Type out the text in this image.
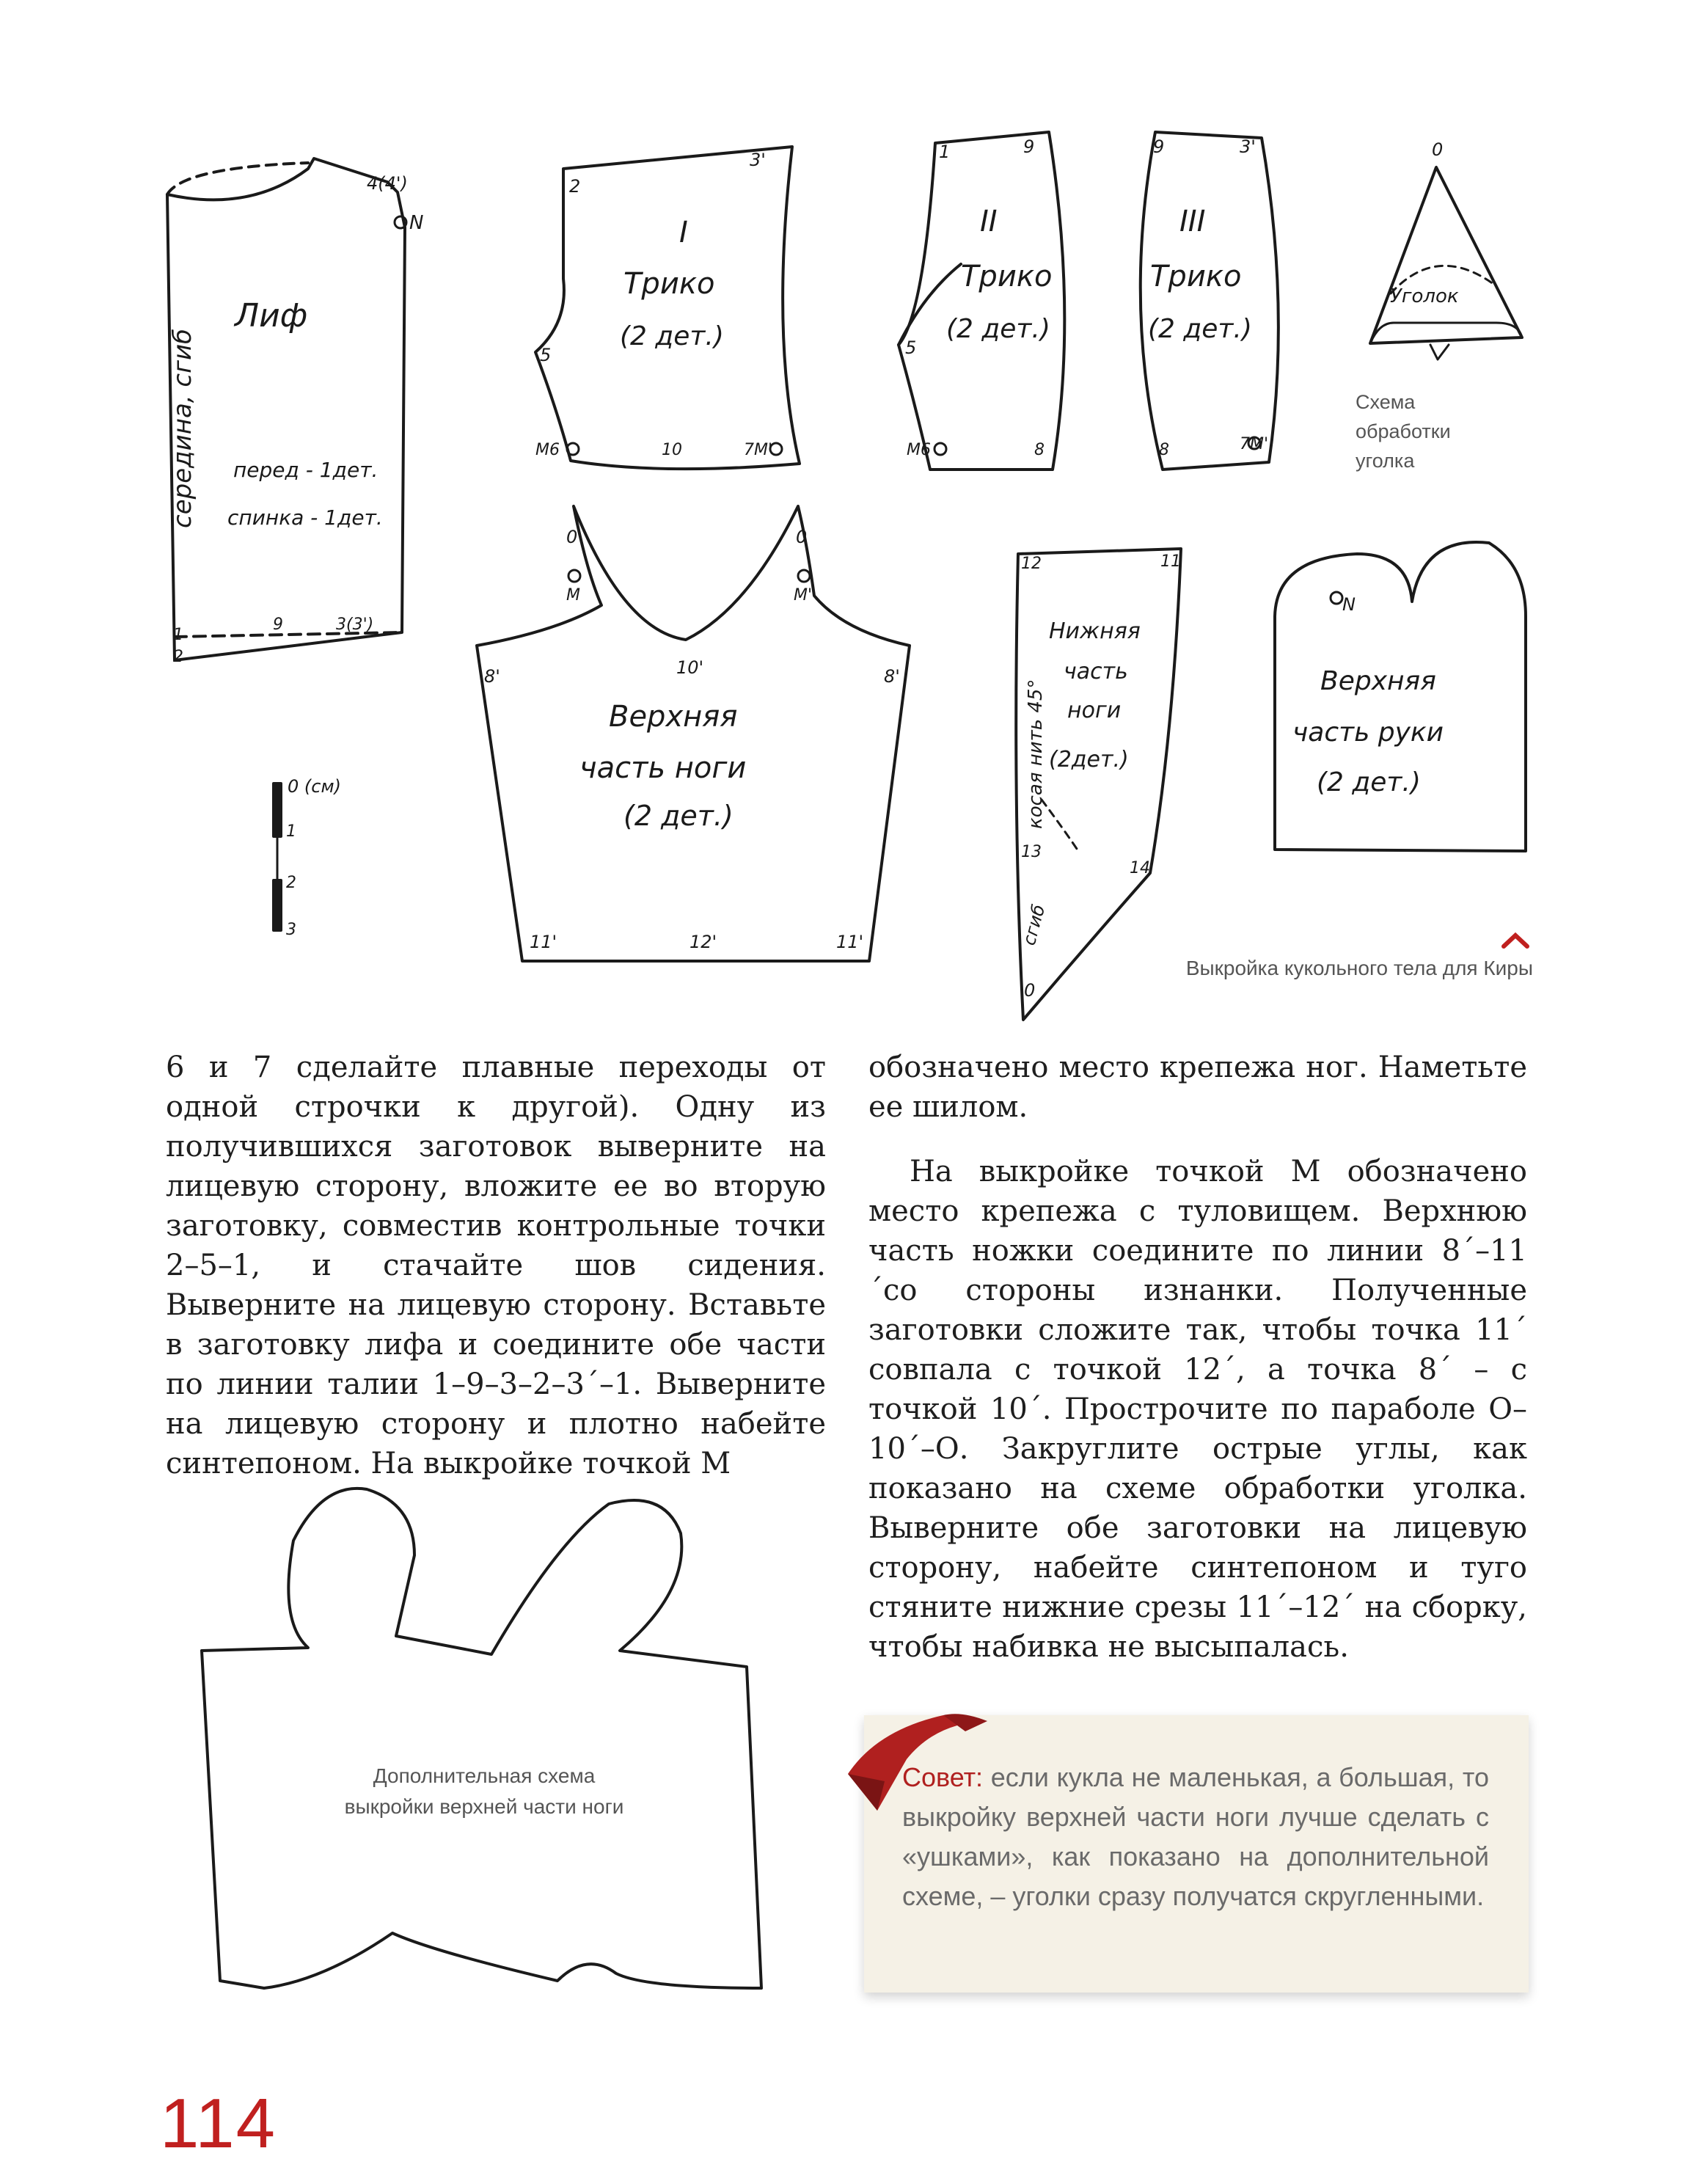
Лиф
перед - 1дет.
спинка - 1дет.
середина, сгиб
4(4')
N
1
2
9	3(3')
I
Трико
(2 дет.)
2
3'
5
М6	10	7М'
II
Трико
(2 дет.)
1	9
5
М6	8
III
Трико
(2 дет.)
9	3'
8	7М'
0
Уголок
Верхняя
часть ноги
(2 дет.)
0	0
М	М'
8'	8'
10'
11'	12'	11'
Нижняя
часть
ноги
(2дет.)
косая нить 45°
сгиб
12	11
13
14
0
Верхняя
часть руки
(2 дет.)
N
0 (см)
1
2
3
Схема обработки уголка
Выкройка кукольного тела для Киры

6 и 7 сделайте плавные переходы от одной строчки к другой). Одну из получившихся заготовок выверните на лицевую сторону, вложите ее во вторую заготовку, совместив контрольные точки 2–5–1, и стачайте шов сидения. Выверните на лицевую сторону. Вставьте в заготовку лифа и соедините обе части по линии талии 1–9–3–2–3´–1. Выверните на лицевую сторону и плотно набейте синтепоном. На выкройке точкой М

обозначено место крепежа ног. Наметьте ее шилом.

На выкройке точкой М обозначено место крепежа с туловищем. Верхнюю часть ножки соедините по линии 8´–11´со стороны изнанки. Полученные заготовки сложите так, чтобы точка 11´ совпала с точкой 12´, а точка 8´ – с точкой 10´. Прострочите по параболе О–10´–О. Закруглите острые углы, как показано на схеме обработки уголка. Выверните обе заготовки на лицевую сторону, набейте синтепоном и туго стяните нижние срезы 11´–12´ на сборку, чтобы набивка не высыпалась.

Дополнительная схема
выкройки верхней части ноги
Совет: если кукла не маленькая, а большая, то выкройку верхней части ноги лучше сделать с «ушками», как показано на дополнительной схеме, – уголки сразу получатся скругленными.
114
